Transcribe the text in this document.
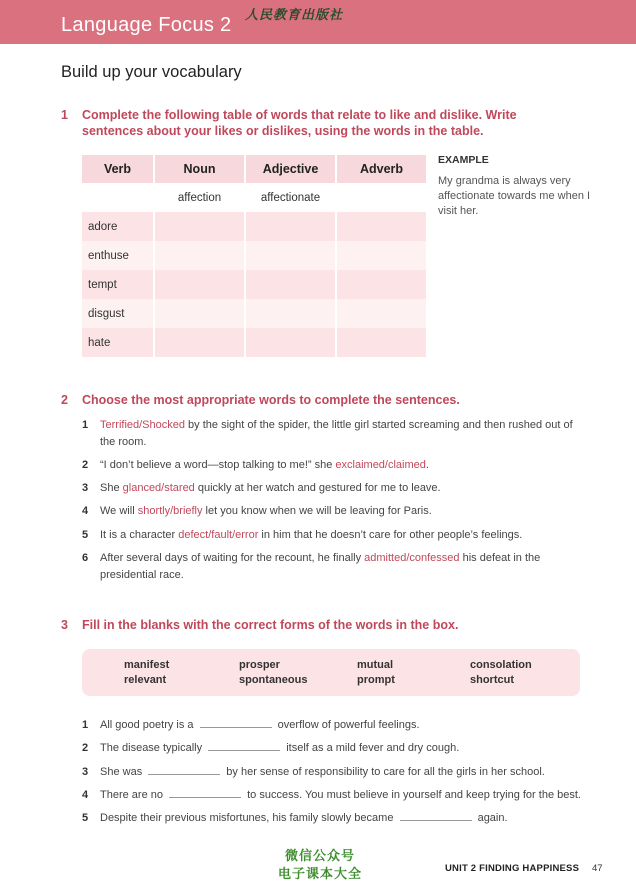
Language Focus 2 人民教育出版社
Build up your vocabulary
1 Complete the following table of words that relate to like and dislike. Write
sentences about your likes or dislikes, using the words in the table.
Verb	Noun	Adjective	Adverb
	affection	affectionate	
adore			
enthuse			
tempt			
disgust			
hate			
EXAMPLE
My grandma is always very affectionate towards me when I visit her.
2 Choose the most appropriate words to complete the sentences.
1 Terrified/Shocked by the sight of the spider, the little girl started screaming and then rushed out of the room.
2 “I don’t believe a word—stop talking to me!” she exclaimed/claimed.
3 She glanced/stared quickly at her watch and gestured for me to leave.
4 We will shortly/briefly let you know when we will be leaving for Paris.
5 It is a character defect/fault/error in him that he doesn’t care for other people’s feelings.
6 After several days of waiting for the recount, he finally admitted/confessed his defeat in the presidential race.
3 Fill in the blanks with the correct forms of the words in the box.
manifest
relevant
prosper
spontaneous
mutual
prompt
consolation
shortcut
1 All good poetry is a	overflow of powerful feelings.
2 The disease typically	itself as a mild fever and dry cough.
3 She was	by her sense of responsibility to care for all the girls in her school.
4 There are no	to success. You must believe in yourself and keep trying for the best.
5 Despite their previous misfortunes, his family slowly became	again.
微信公众号
电子课本大全	UNIT 2 FINDING HAPPINESS 47
